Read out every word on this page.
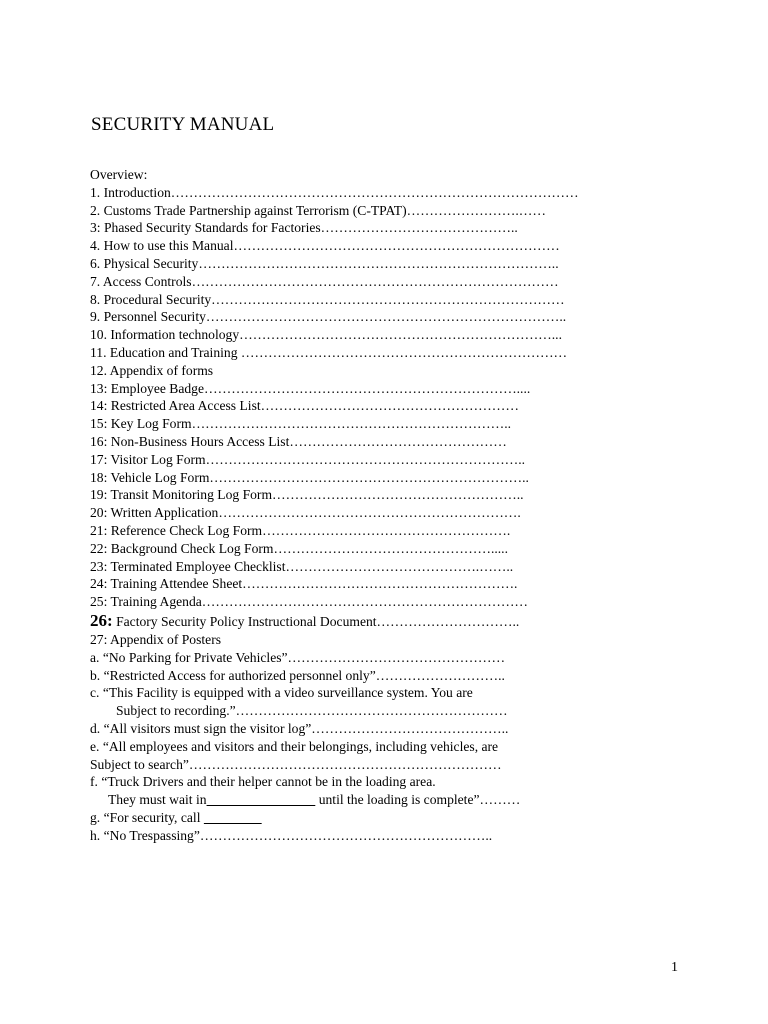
SECURITY MANUAL
Overview:
1. Introduction………………………………………………………………………………
2. Customs Trade Partnership against Terrorism (C-TPAT)…………………….……
3: Phased Security Standards for Factories……………………………………..
4. How to use this Manual………………………………………………………………
6. Physical Security……………………………………………………………………..
7. Access Controls………………………………………………………………………
8. Procedural Security……………………………………………………………………
9. Personnel Security……………………………………………………………………..
10. Information technology……………………………………………………………...
11. Education and Training ………………………………………………………………
12. Appendix of forms
13: Employee Badge……………………………………………………………....
14: Restricted Area Access List…………………………………………………
15: Key Log Form……………………………………………………………..
16: Non-Business Hours Access List…………………………………………
17: Visitor Log Form……………………………………………………………..
18: Vehicle Log Form……………………………………………………………..
19: Transit Monitoring Log Form………………………………………………..
20: Written Application………………………………………………………….
21: Reference Check Log Form……………………………………………….
22: Background Check Log Form………………………………………….....
23: Terminated Employee Checklist…………………………………….……..
24: Training Attendee Sheet…………………………………………………….
25: Training Agenda………………………………………………………………
26: Factory Security Policy Instructional Document…………………………..
27: Appendix of Posters
a. “No Parking for Private Vehicles”…………………………………………
b. “Restricted Access for authorized personnel only”………………………..
c. “This Facility is equipped with a video surveillance system. You are
Subject to recording.”……………………………………………………
d. “All visitors must sign the visitor log”……………………………………..
e. “All employees and visitors and their belongings, including vehicles, are
Subject to search”……………………………………………………………
f. “Truck Drivers and their helper cannot be in the loading area.
They must wait in	until the loading is complete”………
g. “For security, call
h. “No Trespassing”………………………………………………………..
1
